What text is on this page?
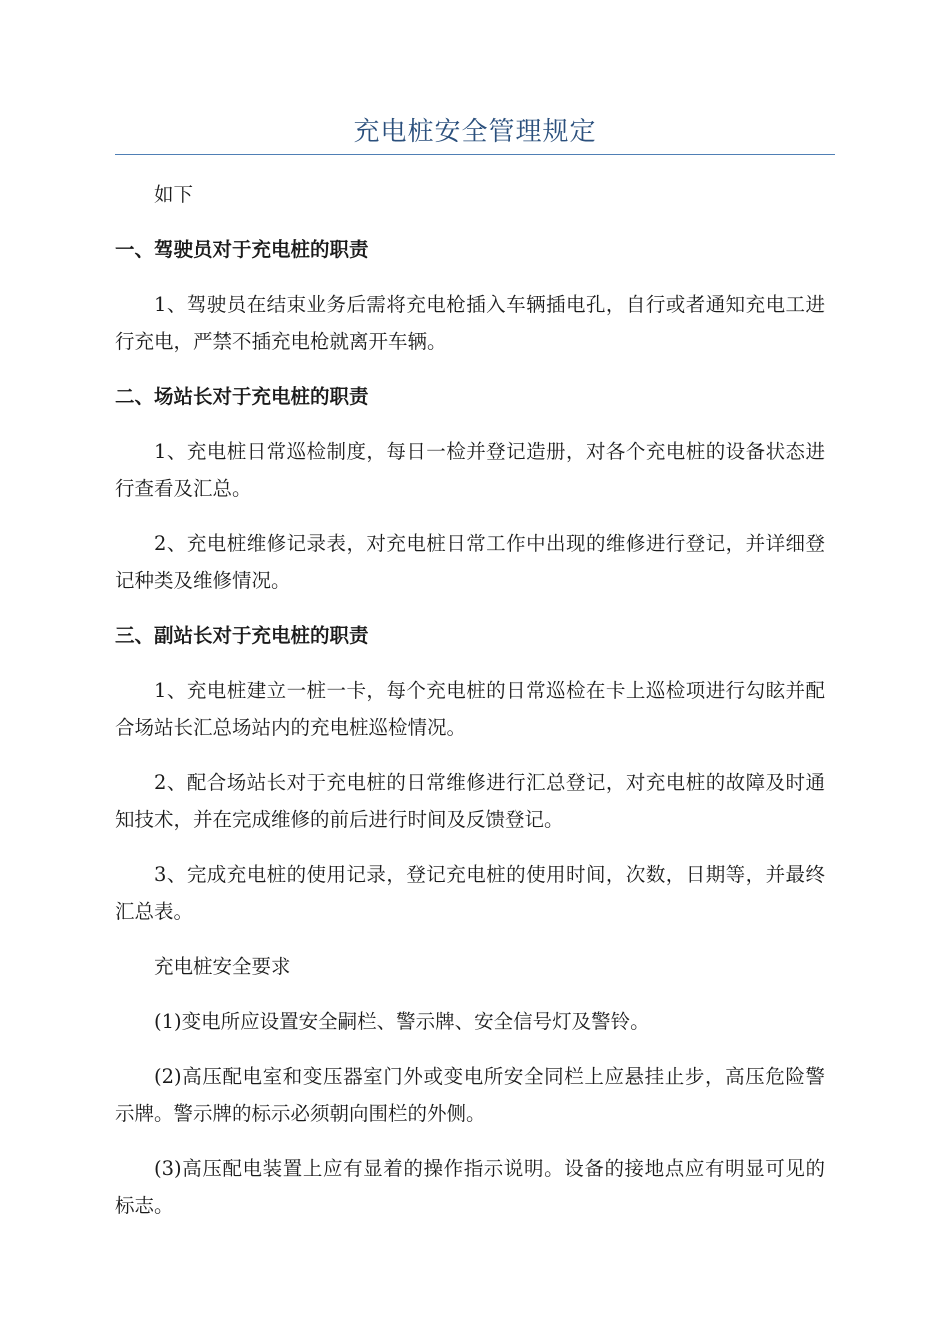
充电桩安全管理规定

如下

一、驾驶员对于充电桩的职责

1、驾驶员在结束业务后需将充电枪插入车辆插电孔，自行或者通知充电工进行充电，严禁不插充电枪就离开车辆。

二、场站长对于充电桩的职责

1、充电桩日常巡检制度，每日一检并登记造册，对各个充电桩的设备状态进行查看及汇总。

2、充电桩维修记录表，对充电桩日常工作中出现的维修进行登记，并详细登记种类及维修情况。

三、副站长对于充电桩的职责

1、充电桩建立一桩一卡，每个充电桩的日常巡检在卡上巡检项进行勾眩并配合场站长汇总场站内的充电桩巡检情况。

2、配合场站长对于充电桩的日常维修进行汇总登记，对充电桩的故障及时通知技术，并在完成维修的前后进行时间及反馈登记。

3、完成充电桩的使用记录，登记充电桩的使用时间，次数，日期等，并最终汇总表。

充电桩安全要求

(1)变电所应设置安全嗣栏、警示牌、安全信号灯及警铃。

(2)高压配电室和变压器室门外或变电所安全同栏上应悬挂止步，高压危险警示牌。警示牌的标示必须朝向围栏的外侧。

(3)高压配电装置上应有显着的操作指示说明。设备的接地点应有明显可见的标志。
